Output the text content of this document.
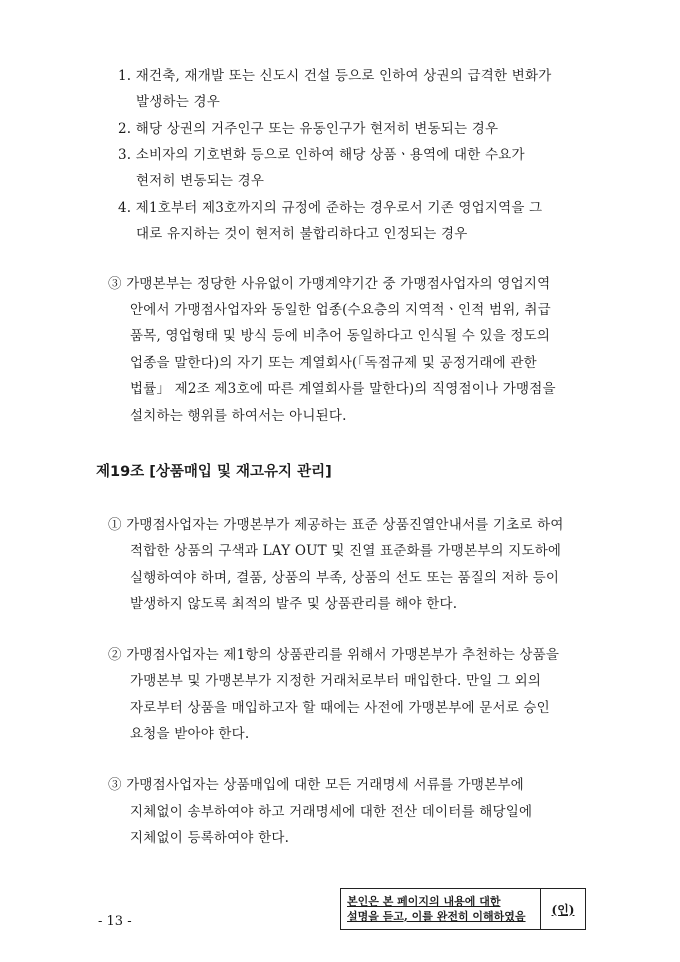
1. 재건축, 재개발 또는 신도시 건설 등으로 인하여 상권의 급격한 변화가
발생하는 경우
2. 해당 상권의 거주인구 또는 유동인구가 현저히 변동되는 경우
3. 소비자의 기호변화 등으로 인하여 해당 상품ㆍ용역에 대한 수요가
현저히 변동되는 경우
4. 제1호부터 제3호까지의 규정에 준하는 경우로서 기존 영업지역을 그
대로 유지하는 것이 현저히 불합리하다고 인정되는 경우
③ 가맹본부는 정당한 사유없이 가맹계약기간 중 가맹점사업자의 영업지역
안에서 가맹점사업자와 동일한 업종(수요층의 지역적ㆍ인적 범위, 취급
품목, 영업형태 및 방식 등에 비추어 동일하다고 인식될 수 있을 정도의
업종을 말한다)의 자기 또는 계열회사(「독점규제 및 공정거래에 관한
법률」 제2조 제3호에 따른 계열회사를 말한다)의 직영점이나 가맹점을
설치하는 행위를 하여서는 아니된다.
제19조 [상품매입 및 재고유지 관리]
① 가맹점사업자는 가맹본부가 제공하는 표준 상품진열안내서를 기초로 하여
적합한 상품의 구색과 LAY OUT 및 진열 표준화를 가맹본부의 지도하에
실행하여야 하며, 결품, 상품의 부족, 상품의 선도 또는 품질의 저하 등이
발생하지 않도록 최적의 발주 및 상품관리를 해야 한다.
② 가맹점사업자는 제1항의 상품관리를 위해서 가맹본부가 추천하는 상품을
가맹본부 및 가맹본부가 지정한 거래처로부터 매입한다. 만일 그 외의
자로부터 상품을 매입하고자 할 때에는 사전에 가맹본부에 문서로 승인
요청을 받아야 한다.
③ 가맹점사업자는 상품매입에 대한 모든 거래명세 서류를 가맹본부에
지체없이 송부하여야 하고 거래명세에 대한 전산 데이터를 해당일에
지체없이 등록하여야 한다.
- 13 -
본인은 본 페이지의 내용에 대한
설명을 듣고, 이를 완전히 이해하였음	(인)
